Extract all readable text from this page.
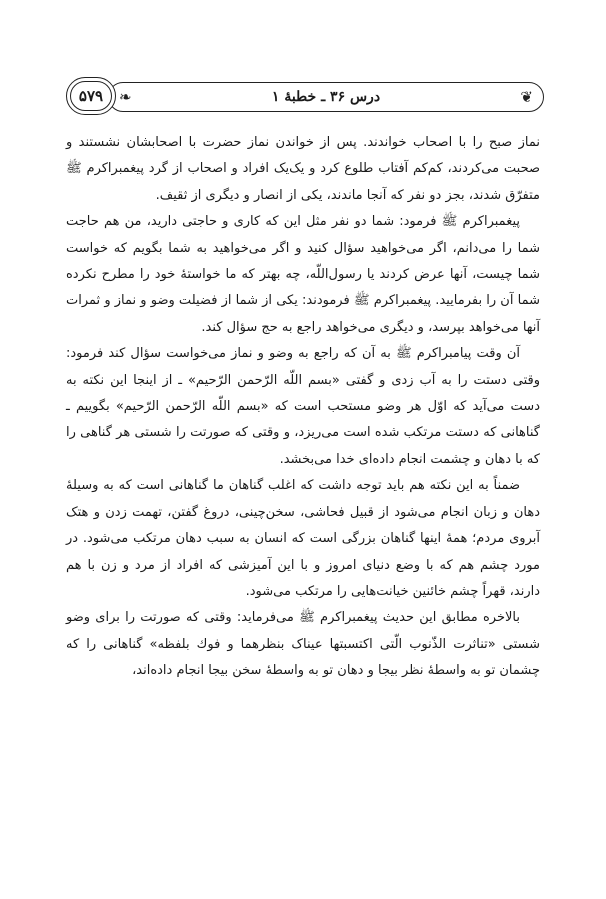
❦
درس ۳۶ ـ خطبهٔ ۱
❧
۵۷۹

نماز صبح را با اصحاب خواندند. پس از خواندن نماز حضرت با اصحابشان نشستند و صحبت می‌کردند، کم‌کم آفتاب طلوع کرد و یک‌یک افراد و اصحاب از گرد پیغمبراکرم ﷺ متفرّق شدند، بجز دو نفر که آنجا ماندند، یکی از انصار و دیگری از ثقیف.

پیغمبراکرم ﷺ فرمود: شما دو نفر مثل این که کاری و حاجتی دارید، من هم حاجت شما را می‌دانم، اگر می‌خواهید سؤال کنید و اگر می‌خواهید به شما بگویم که خواست شما چیست، آنها عرض کردند یا رسول‌اللّه، چه بهتر که ما خواستهٔ خود را مطرح نکرده شما آن را بفرمایید. پیغمبراکرم ﷺ فرمودند: یکی از شما از فضیلت وضو و نماز و ثمرات آنها می‌خواهد بپرسد، و دیگری می‌خواهد راجع به حج سؤال کند.

آن وقت پیامبراکرم ﷺ به آن که راجع به وضو و نماز می‌خواست سؤال کند فرمود: وقتی دستت را به آب زدی و گفتی «بسم اللّه الرّحمن الرّحیم» ـ از اینجا این نکته به دست می‌آید که اوّل هر وضو مستحب است که «بسم اللّه الرّحمن الرّحیم» بگوییم ـ گناهانی که دستت مرتکب شده است می‌ریزد، و وقتی که صورتت را شستی هر گناهی را که با دهان و چشمت انجام داده‌ای خدا می‌بخشد.

ضمناً به این نکته هم باید توجه داشت که اغلب گناهان ما گناهانی است که به وسیلهٔ دهان و زبان انجام می‌شود از قبیل فحاشی، سخن‌چینی، دروغ گفتن، تهمت زدن و هتک آبروی مردم؛ همهٔ اینها گناهان بزرگی است که انسان به سبب دهان مرتکب می‌شود. در مورد چشم هم که با وضع دنیای امروز و با این آمیزشی که افراد از مرد و زن با هم دارند، قهراً چشم خائنین خیانت‌هایی را مرتکب می‌شود.

بالاخره مطابق این حدیث پیغمبراکرم ﷺ می‌فرماید: وقتی که صورتت را برای وضو شستی «تناثرت الذّنوب الّتی اکتسبتها عیناک بنظرهما و فوك بلفظه» گناهانی را که چشمان تو به واسطهٔ نظر بیجا و دهان تو به واسطهٔ سخن بیجا انجام داده‌اند،
